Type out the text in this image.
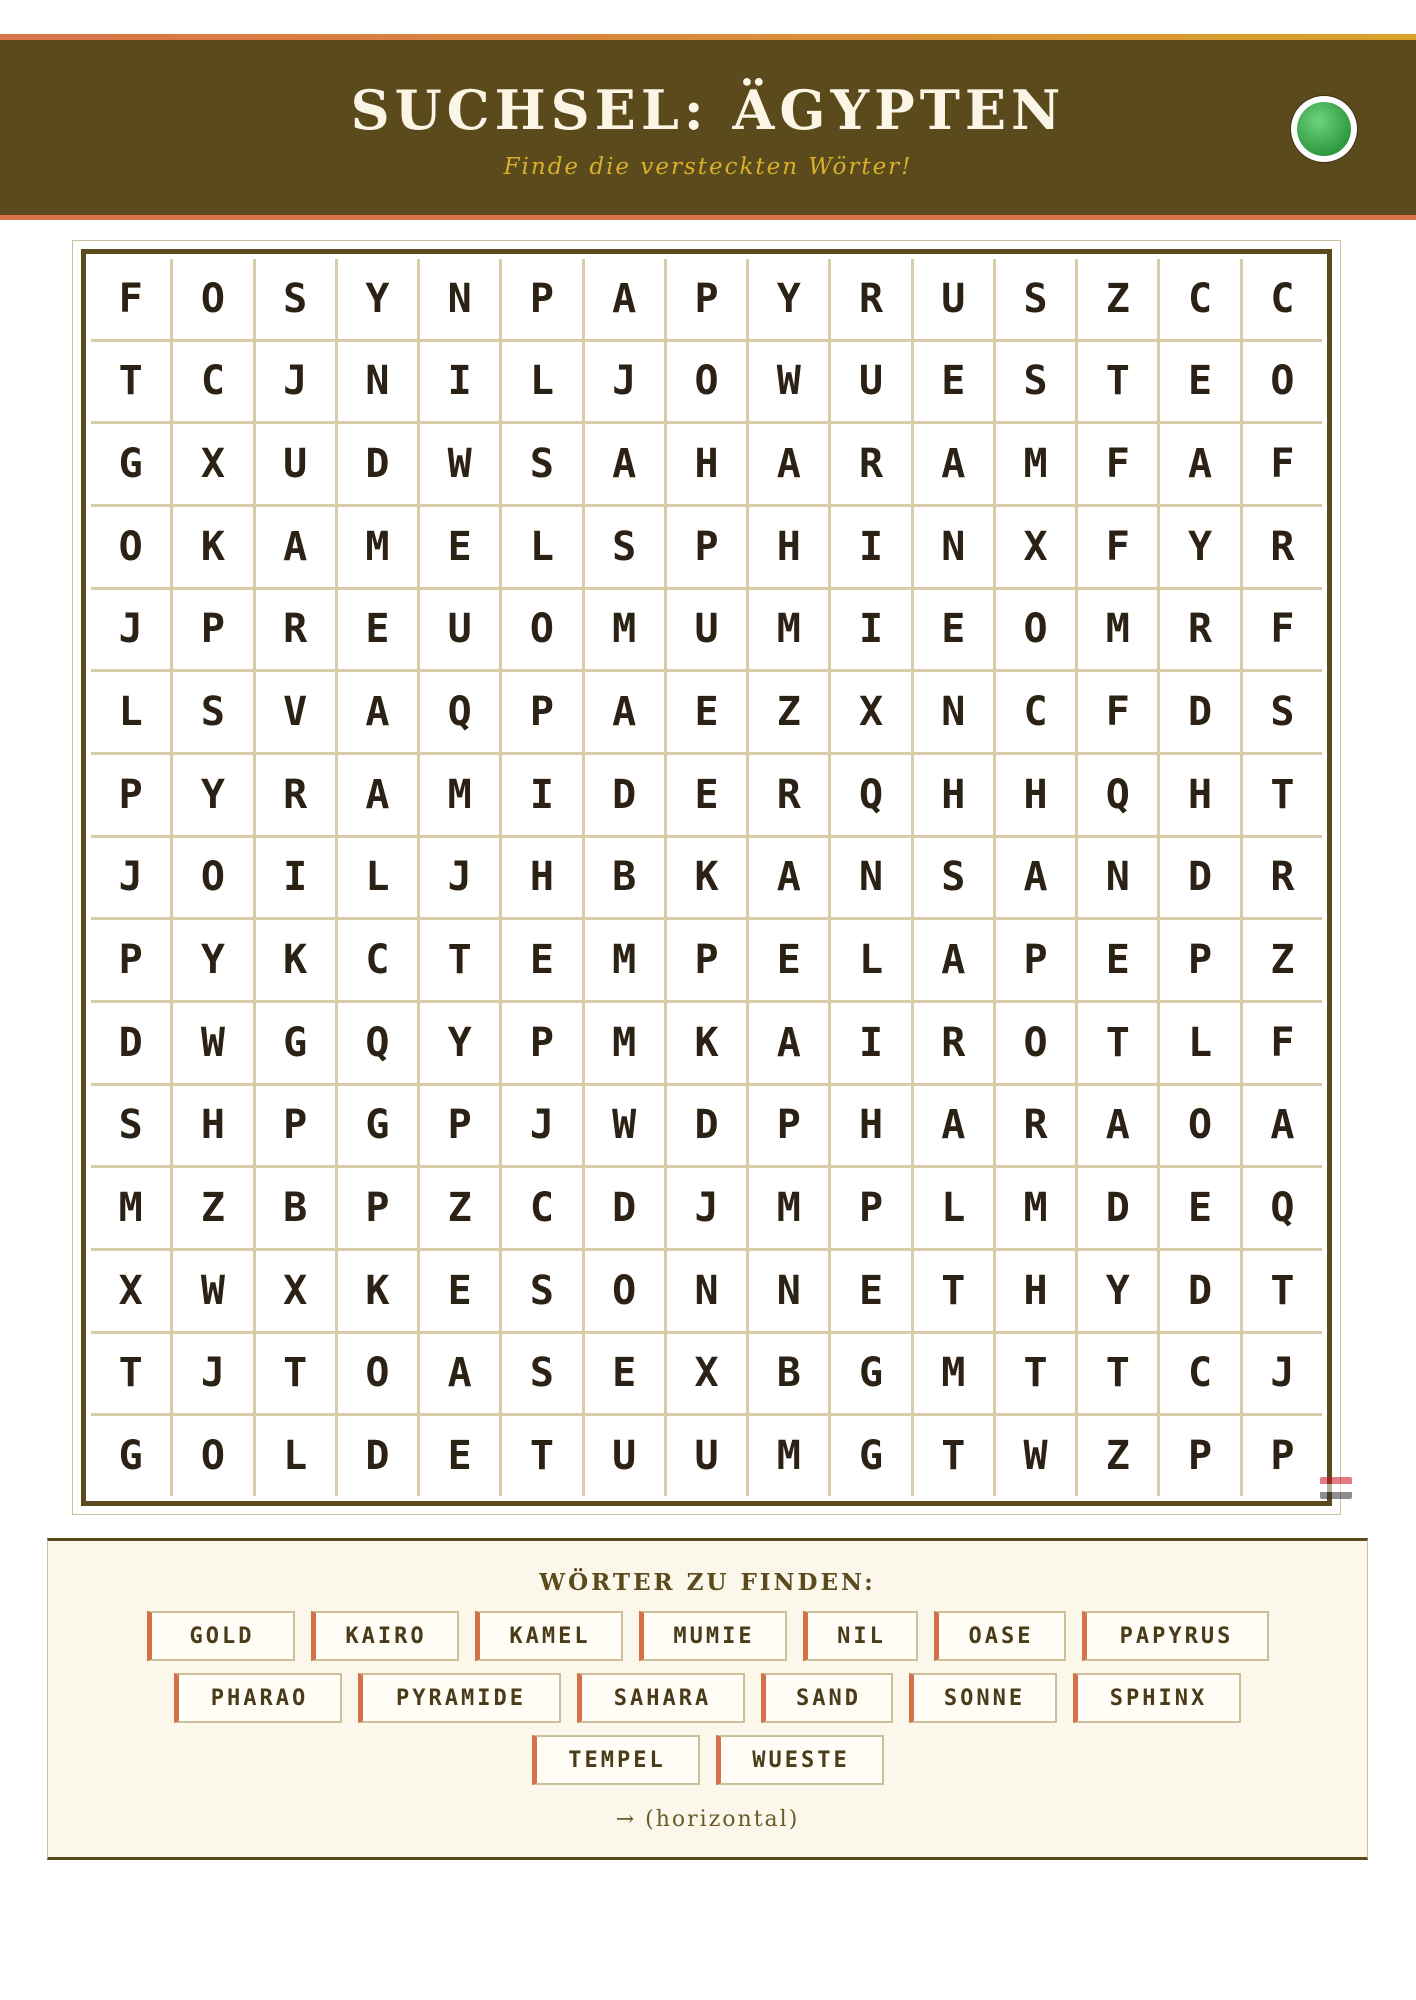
SUCHSEL: ÄGYPTEN
Finde die versteckten Wörter!
F	O	S	Y	N	P	A	P	Y	R	U	S	Z	C	C
T	C	J	N	I	L	J	O	W	U	E	S	T	E	O
G	X	U	D	W	S	A	H	A	R	A	M	F	A	F
O	K	A	M	E	L	S	P	H	I	N	X	F	Y	R
J	P	R	E	U	O	M	U	M	I	E	O	M	R	F
L	S	V	A	Q	P	A	E	Z	X	N	C	F	D	S
P	Y	R	A	M	I	D	E	R	Q	H	H	Q	H	T
J	O	I	L	J	H	B	K	A	N	S	A	N	D	R
P	Y	K	C	T	E	M	P	E	L	A	P	E	P	Z
D	W	G	Q	Y	P	M	K	A	I	R	O	T	L	F
S	H	P	G	P	J	W	D	P	H	A	R	A	O	A
M	Z	B	P	Z	C	D	J	M	P	L	M	D	E	Q
X	W	X	K	E	S	O	N	N	E	T	H	Y	D	T
T	J	T	O	A	S	E	X	B	G	M	T	T	C	J
G	O	L	D	E	T	U	U	M	G	T	W	Z	P	P
WÖRTER ZU FINDEN:
GOLD	KAIRO	KAMEL	MUMIE	NIL	OASE	PAPYRUS
PHARAO	PYRAMIDE	SAHARA	SAND	SONNE	SPHINX
TEMPEL	WUESTE
→ (horizontal)
